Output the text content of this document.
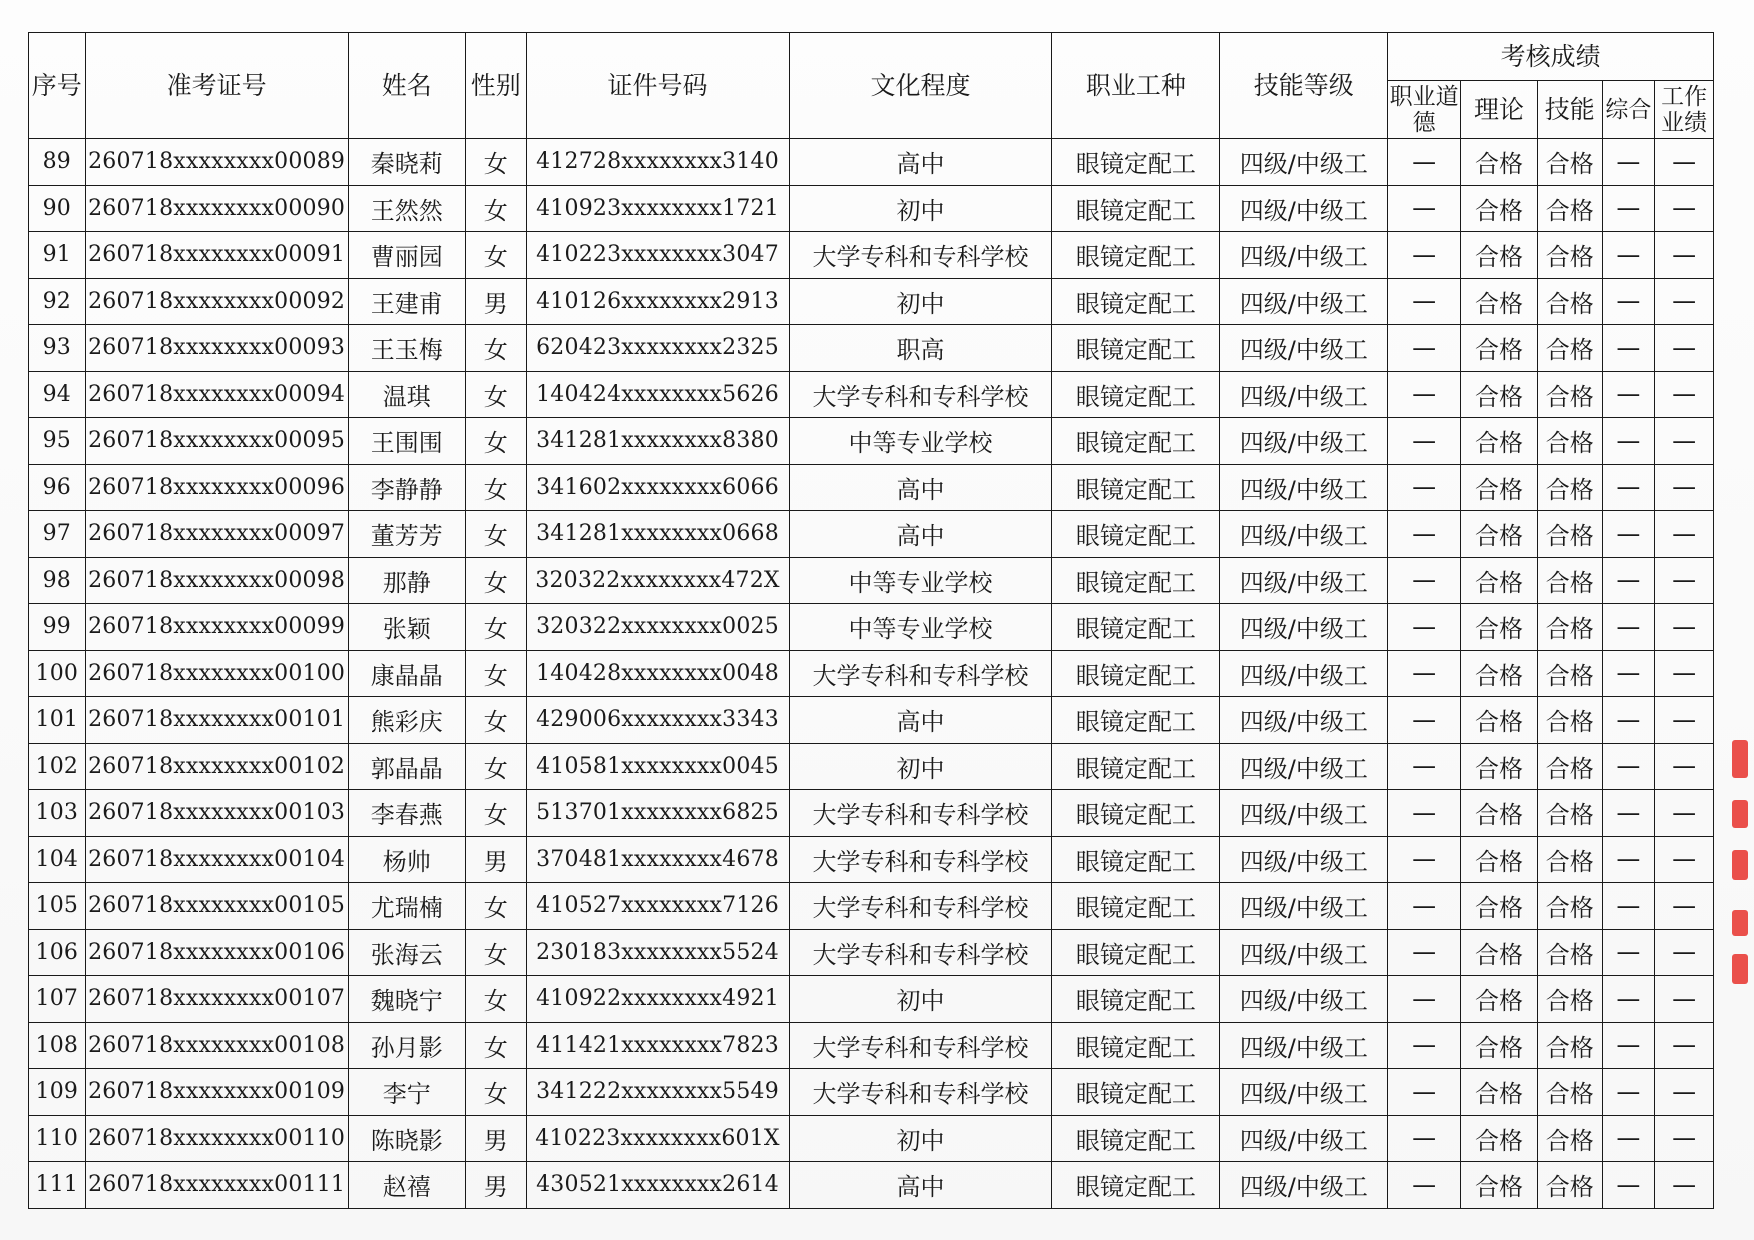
序号	准考证号	姓名	性别	证件号码	文化程度	职业工种	技能等级	考核成绩				
								职业道德	理论	技能	综合	工作业绩
89	260718xxxxxxxx00089	秦晓莉	女	412728xxxxxxxx3140	高中	眼镜定配工	四级/中级工	—	合格	合格	—	—
90	260718xxxxxxxx00090	王然然	女	410923xxxxxxxx1721	初中	眼镜定配工	四级/中级工	—	合格	合格	—	—
91	260718xxxxxxxx00091	曹丽园	女	410223xxxxxxxx3047	大学专科和专科学校	眼镜定配工	四级/中级工	—	合格	合格	—	—
92	260718xxxxxxxx00092	王建甫	男	410126xxxxxxxx2913	初中	眼镜定配工	四级/中级工	—	合格	合格	—	—
93	260718xxxxxxxx00093	王玉梅	女	620423xxxxxxxx2325	职高	眼镜定配工	四级/中级工	—	合格	合格	—	—
94	260718xxxxxxxx00094	温琪	女	140424xxxxxxxx5626	大学专科和专科学校	眼镜定配工	四级/中级工	—	合格	合格	—	—
95	260718xxxxxxxx00095	王围围	女	341281xxxxxxxx8380	中等专业学校	眼镜定配工	四级/中级工	—	合格	合格	—	—
96	260718xxxxxxxx00096	李静静	女	341602xxxxxxxx6066	高中	眼镜定配工	四级/中级工	—	合格	合格	—	—
97	260718xxxxxxxx00097	董芳芳	女	341281xxxxxxxx0668	高中	眼镜定配工	四级/中级工	—	合格	合格	—	—
98	260718xxxxxxxx00098	那静	女	320322xxxxxxxx472X	中等专业学校	眼镜定配工	四级/中级工	—	合格	合格	—	—
99	260718xxxxxxxx00099	张颖	女	320322xxxxxxxx0025	中等专业学校	眼镜定配工	四级/中级工	—	合格	合格	—	—
100	260718xxxxxxxx00100	康晶晶	女	140428xxxxxxxx0048	大学专科和专科学校	眼镜定配工	四级/中级工	—	合格	合格	—	—
101	260718xxxxxxxx00101	熊彩庆	女	429006xxxxxxxx3343	高中	眼镜定配工	四级/中级工	—	合格	合格	—	—
102	260718xxxxxxxx00102	郭晶晶	女	410581xxxxxxxx0045	初中	眼镜定配工	四级/中级工	—	合格	合格	—	—
103	260718xxxxxxxx00103	李春燕	女	513701xxxxxxxx6825	大学专科和专科学校	眼镜定配工	四级/中级工	—	合格	合格	—	—
104	260718xxxxxxxx00104	杨帅	男	370481xxxxxxxx4678	大学专科和专科学校	眼镜定配工	四级/中级工	—	合格	合格	—	—
105	260718xxxxxxxx00105	尤瑞楠	女	410527xxxxxxxx7126	大学专科和专科学校	眼镜定配工	四级/中级工	—	合格	合格	—	—
106	260718xxxxxxxx00106	张海云	女	230183xxxxxxxx5524	大学专科和专科学校	眼镜定配工	四级/中级工	—	合格	合格	—	—
107	260718xxxxxxxx00107	魏晓宁	女	410922xxxxxxxx4921	初中	眼镜定配工	四级/中级工	—	合格	合格	—	—
108	260718xxxxxxxx00108	孙月影	女	411421xxxxxxxx7823	大学专科和专科学校	眼镜定配工	四级/中级工	—	合格	合格	—	—
109	260718xxxxxxxx00109	李宁	女	341222xxxxxxxx5549	大学专科和专科学校	眼镜定配工	四级/中级工	—	合格	合格	—	—
110	260718xxxxxxxx00110	陈晓影	男	410223xxxxxxxx601X	初中	眼镜定配工	四级/中级工	—	合格	合格	—	—
111	260718xxxxxxxx00111	赵禧	男	430521xxxxxxxx2614	高中	眼镜定配工	四级/中级工	—	合格	合格	—	—
